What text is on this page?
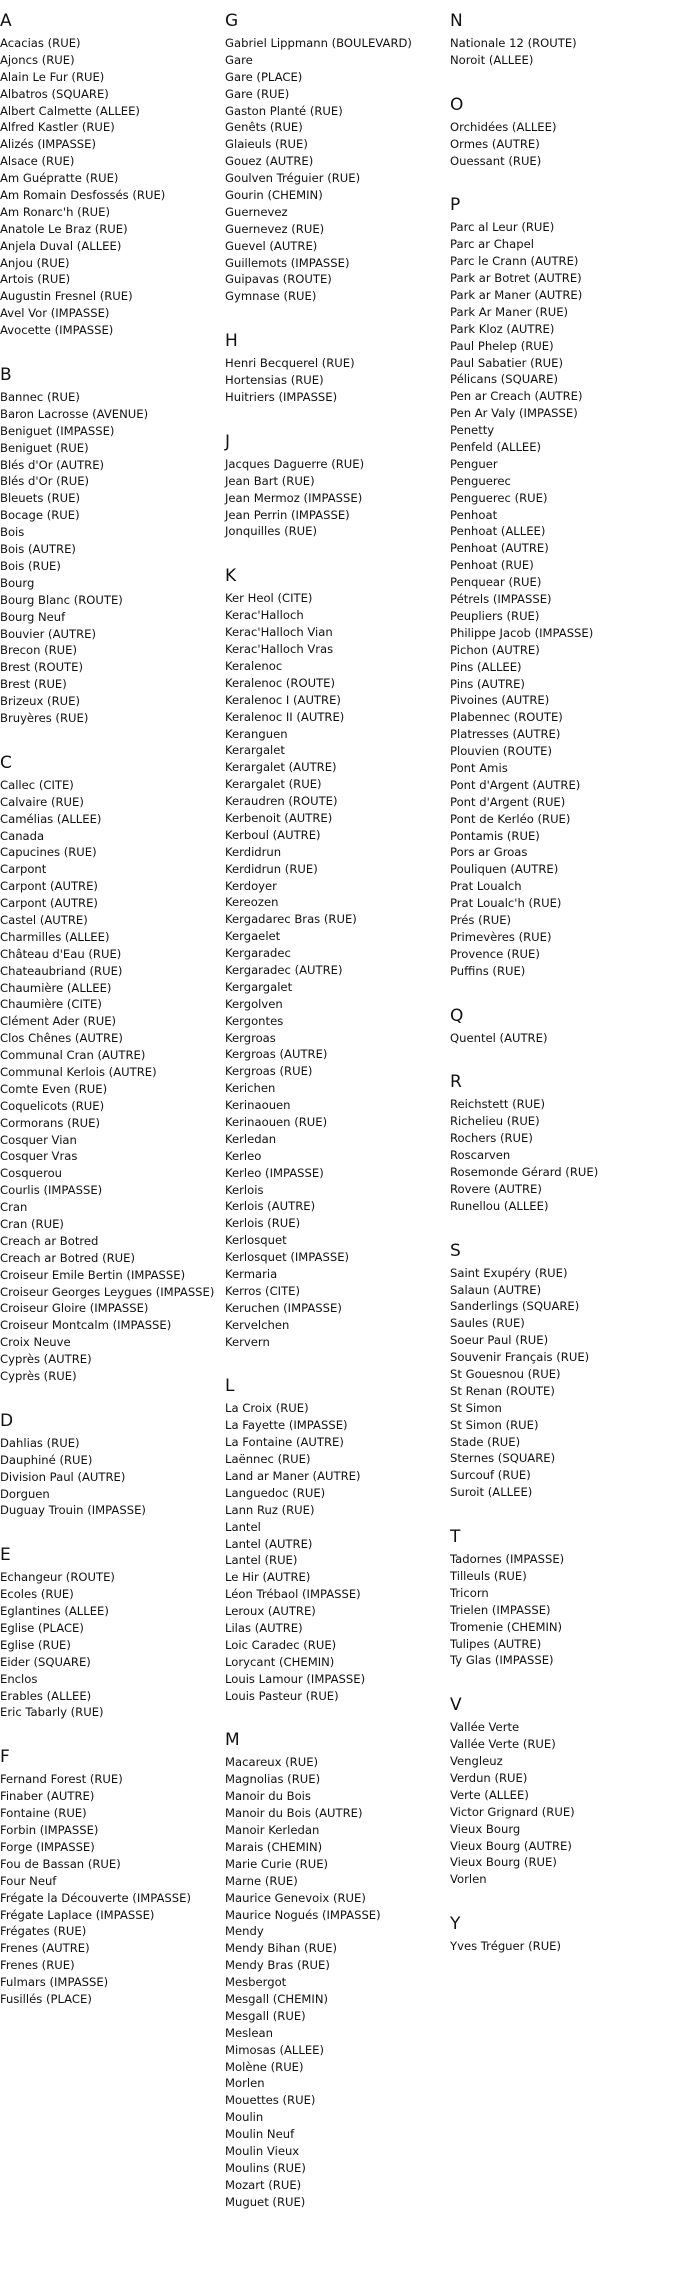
A
Acacias (RUE)
Ajoncs (RUE)
Alain Le Fur (RUE)
Albatros (SQUARE)
Albert Calmette (ALLEE)
Alfred Kastler (RUE)
Alizés (IMPASSE)
Alsace (RUE)
Am Guépratte (RUE)
Am Romain Desfossés (RUE)
Am Ronarc'h (RUE)
Anatole Le Braz (RUE)
Anjela Duval (ALLEE)
Anjou (RUE)
Artois (RUE)
Augustin Fresnel (RUE)
Avel Vor (IMPASSE)
Avocette (IMPASSE)
B
Bannec (RUE)
Baron Lacrosse (AVENUE)
Beniguet (IMPASSE)
Beniguet (RUE)
Blés d'Or (AUTRE)
Blés d'Or (RUE)
Bleuets (RUE)
Bocage (RUE)
Bois
Bois (AUTRE)
Bois (RUE)
Bourg
Bourg Blanc (ROUTE)
Bourg Neuf
Bouvier (AUTRE)
Brecon (RUE)
Brest (ROUTE)
Brest (RUE)
Brizeux (RUE)
Bruyères (RUE)
C
Callec (CITE)
Calvaire (RUE)
Camélias (ALLEE)
Canada
Capucines (RUE)
Carpont
Carpont (AUTRE)
Carpont (AUTRE)
Castel (AUTRE)
Charmilles (ALLEE)
Château d'Eau (RUE)
Chateaubriand (RUE)
Chaumière (ALLEE)
Chaumière (CITE)
Clément Ader (RUE)
Clos Chênes (AUTRE)
Communal Cran (AUTRE)
Communal Kerlois (AUTRE)
Comte Even (RUE)
Coquelicots (RUE)
Cormorans (RUE)
Cosquer Vian
Cosquer Vras
Cosquerou
Courlis (IMPASSE)
Cran
Cran (RUE)
Creach ar Botred
Creach ar Botred (RUE)
Croiseur Emile Bertin (IMPASSE)
Croiseur Georges Leygues (IMPASSE)
Croiseur Gloire (IMPASSE)
Croiseur Montcalm (IMPASSE)
Croix Neuve
Cyprès (AUTRE)
Cyprès (RUE)
D
Dahlias (RUE)
Dauphiné (RUE)
Division Paul (AUTRE)
Dorguen
Duguay Trouin (IMPASSE)
E
Echangeur (ROUTE)
Ecoles (RUE)
Eglantines (ALLEE)
Eglise (PLACE)
Eglise (RUE)
Eider (SQUARE)
Enclos
Erables (ALLEE)
Eric Tabarly (RUE)
F
Fernand Forest (RUE)
Finaber (AUTRE)
Fontaine (RUE)
Forbin (IMPASSE)
Forge (IMPASSE)
Fou de Bassan (RUE)
Four Neuf
Frégate la Découverte (IMPASSE)
Frégate Laplace (IMPASSE)
Frégates (RUE)
Frenes (AUTRE)
Frenes (RUE)
Fulmars (IMPASSE)
Fusillés (PLACE)
G
Gabriel Lippmann (BOULEVARD)
Gare
Gare (PLACE)
Gare (RUE)
Gaston Planté (RUE)
Genêts (RUE)
Glaieuls (RUE)
Gouez (AUTRE)
Goulven Tréguier (RUE)
Gourin (CHEMIN)
Guernevez
Guernevez (RUE)
Guevel (AUTRE)
Guillemots (IMPASSE)
Guipavas (ROUTE)
Gymnase (RUE)
H
Henri Becquerel (RUE)
Hortensias (RUE)
Huitriers (IMPASSE)
J
Jacques Daguerre (RUE)
Jean Bart (RUE)
Jean Mermoz (IMPASSE)
Jean Perrin (IMPASSE)
Jonquilles (RUE)
K
Ker Heol (CITE)
Kerac'Halloch
Kerac'Halloch Vian
Kerac'Halloch Vras
Keralenoc
Keralenoc (ROUTE)
Keralenoc I (AUTRE)
Keralenoc II (AUTRE)
Keranguen
Kerargalet
Kerargalet (AUTRE)
Kerargalet (RUE)
Keraudren (ROUTE)
Kerbenoit (AUTRE)
Kerboul (AUTRE)
Kerdidrun
Kerdidrun (RUE)
Kerdoyer
Kereozen
Kergadarec Bras (RUE)
Kergaelet
Kergaradec
Kergaradec (AUTRE)
Kergargalet
Kergolven
Kergontes
Kergroas
Kergroas (AUTRE)
Kergroas (RUE)
Kerichen
Kerinaouen
Kerinaouen (RUE)
Kerledan
Kerleo
Kerleo (IMPASSE)
Kerlois
Kerlois (AUTRE)
Kerlois (RUE)
Kerlosquet
Kerlosquet (IMPASSE)
Kermaria
Kerros (CITE)
Keruchen (IMPASSE)
Kervelchen
Kervern
L
La Croix (RUE)
La Fayette (IMPASSE)
La Fontaine (AUTRE)
Laënnec (RUE)
Land ar Maner (AUTRE)
Languedoc (RUE)
Lann Ruz (RUE)
Lantel
Lantel (AUTRE)
Lantel (RUE)
Le Hir (AUTRE)
Léon Trébaol (IMPASSE)
Leroux (AUTRE)
Lilas (AUTRE)
Loic Caradec (RUE)
Lorycant (CHEMIN)
Louis Lamour (IMPASSE)
Louis Pasteur (RUE)
M
Macareux (RUE)
Magnolias (RUE)
Manoir du Bois
Manoir du Bois (AUTRE)
Manoir Kerledan
Marais (CHEMIN)
Marie Curie (RUE)
Marne (RUE)
Maurice Genevoix (RUE)
Maurice Nogués (IMPASSE)
Mendy
Mendy Bihan (RUE)
Mendy Bras (RUE)
Mesbergot
Mesgall (CHEMIN)
Mesgall (RUE)
Meslean
Mimosas (ALLEE)
Molène (RUE)
Morlen
Mouettes (RUE)
Moulin
Moulin Neuf
Moulin Vieux
Moulins (RUE)
Mozart (RUE)
Muguet (RUE)
N
Nationale 12 (ROUTE)
Noroit (ALLEE)
O
Orchidées (ALLEE)
Ormes (AUTRE)
Ouessant (RUE)
P
Parc al Leur (RUE)
Parc ar Chapel
Parc le Crann (AUTRE)
Park ar Botret (AUTRE)
Park ar Maner (AUTRE)
Park Ar Maner (RUE)
Park Kloz (AUTRE)
Paul Phelep (RUE)
Paul Sabatier (RUE)
Pélicans (SQUARE)
Pen ar Creach (AUTRE)
Pen Ar Valy (IMPASSE)
Penetty
Penfeld (ALLEE)
Penguer
Penguerec
Penguerec (RUE)
Penhoat
Penhoat (ALLEE)
Penhoat (AUTRE)
Penhoat (RUE)
Penquear (RUE)
Pétrels (IMPASSE)
Peupliers (RUE)
Philippe Jacob (IMPASSE)
Pichon (AUTRE)
Pins (ALLEE)
Pins (AUTRE)
Pivoines (AUTRE)
Plabennec (ROUTE)
Platresses (AUTRE)
Plouvien (ROUTE)
Pont Amis
Pont d'Argent (AUTRE)
Pont d'Argent (RUE)
Pont de Kerléo (RUE)
Pontamis (RUE)
Pors ar Groas
Pouliquen (AUTRE)
Prat Loualch
Prat Loualc'h (RUE)
Prés (RUE)
Primevères (RUE)
Provence (RUE)
Puffins (RUE)
Q
Quentel (AUTRE)
R
Reichstett (RUE)
Richelieu (RUE)
Rochers (RUE)
Roscarven
Rosemonde Gérard (RUE)
Rovere (AUTRE)
Runellou (ALLEE)
S
Saint Exupéry (RUE)
Salaun (AUTRE)
Sanderlings (SQUARE)
Saules (RUE)
Soeur Paul (RUE)
Souvenir Français (RUE)
St Gouesnou (RUE)
St Renan (ROUTE)
St Simon
St Simon (RUE)
Stade (RUE)
Sternes (SQUARE)
Surcouf (RUE)
Suroit (ALLEE)
T
Tadornes (IMPASSE)
Tilleuls (RUE)
Tricorn
Trielen (IMPASSE)
Tromenie (CHEMIN)
Tulipes (AUTRE)
Ty Glas (IMPASSE)
V
Vallée Verte
Vallée Verte (RUE)
Vengleuz
Verdun (RUE)
Verte (ALLEE)
Victor Grignard (RUE)
Vieux Bourg
Vieux Bourg (AUTRE)
Vieux Bourg (RUE)
Vorlen
Y
Yves Tréguer (RUE)
